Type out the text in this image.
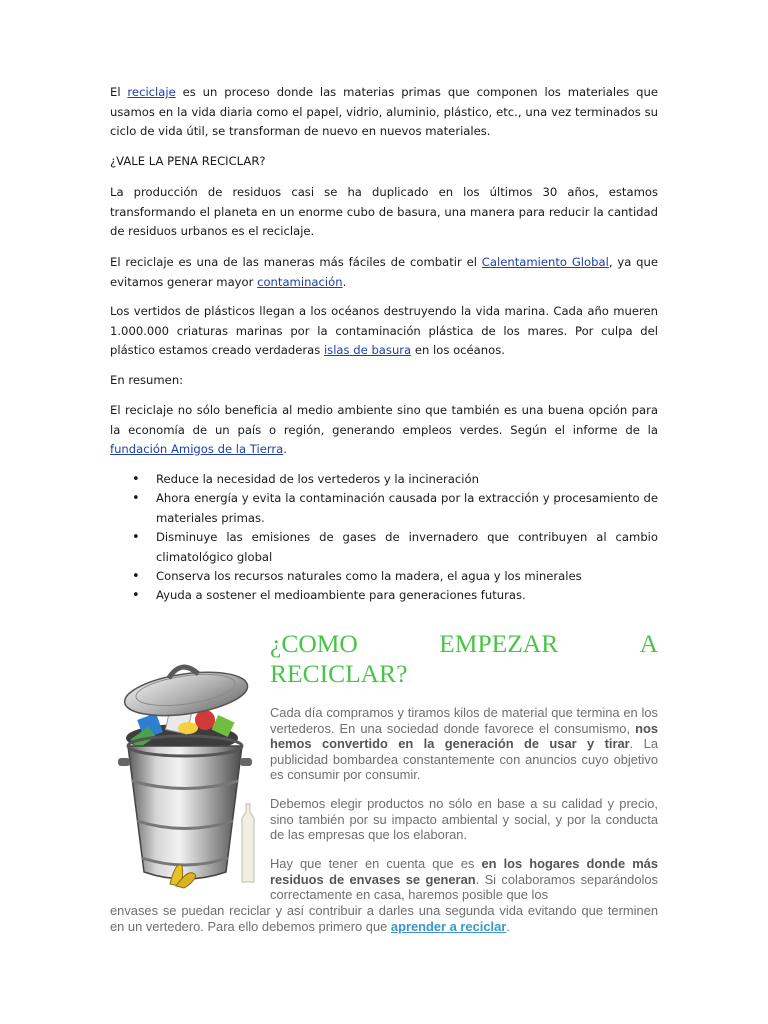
El reciclaje es un proceso donde las materias primas que componen los materiales que usamos en la vida diaria como el papel, vidrio, aluminio, plástico, etc., una vez terminados su ciclo de vida útil, se transforman de nuevo en nuevos materiales.

¿VALE LA PENA RECICLAR?

La producción de residuos casi se ha duplicado en los últimos 30 años, estamos transformando el planeta en un enorme cubo de basura, una manera para reducir la cantidad de residuos urbanos es el reciclaje.

El reciclaje es una de las maneras más fáciles de combatir el Calentamiento Global, ya que evitamos generar mayor contaminación.

Los vertidos de plásticos llegan a los océanos destruyendo la vida marina. Cada año mueren 1.000.000 criaturas marinas por la contaminación plástica de los mares. Por culpa del plástico estamos creado verdaderas islas de basura en los océanos.

En resumen:

El reciclaje no sólo beneficia al medio ambiente sino que también es una buena opción para la economía de un país o región, generando empleos verdes. Según el informe de la fundación Amigos de la Tierra.

• Reduce la necesidad de los vertederos y la incineración
• Ahora energía y evita la contaminación causada por la extracción y procesamiento de materiales primas.
• Disminuye las emisiones de gases de invernadero que contribuyen al cambio climatológico global
• Conserva los recursos naturales como la madera, el agua y los minerales
• Ayuda a sostener el medioambiente para generaciones futuras.
¿COMO	EMPEZAR	A
RECICLAR?

Cada día compramos y tiramos kilos de material que termina en los vertederos. En una sociedad donde favorece el consumismo, nos hemos convertido en la generación de usar y tirar. La publicidad bombardea constantemente con anuncios cuyo objetivo es consumir por consumir.

Debemos elegir productos no sólo en base a su calidad y precio, sino también por su impacto ambiental y social, y por la conducta de las empresas que los elaboran.

Hay que tener en cuenta que es en los hogares donde más residuos de envases se generan. Si colaboramos separándolos correctamente en casa, haremos posible que los

envases se puedan reciclar y así contribuir a darles una segunda vida evitando que terminen en un vertedero. Para ello debemos primero que aprender a reciclar.
